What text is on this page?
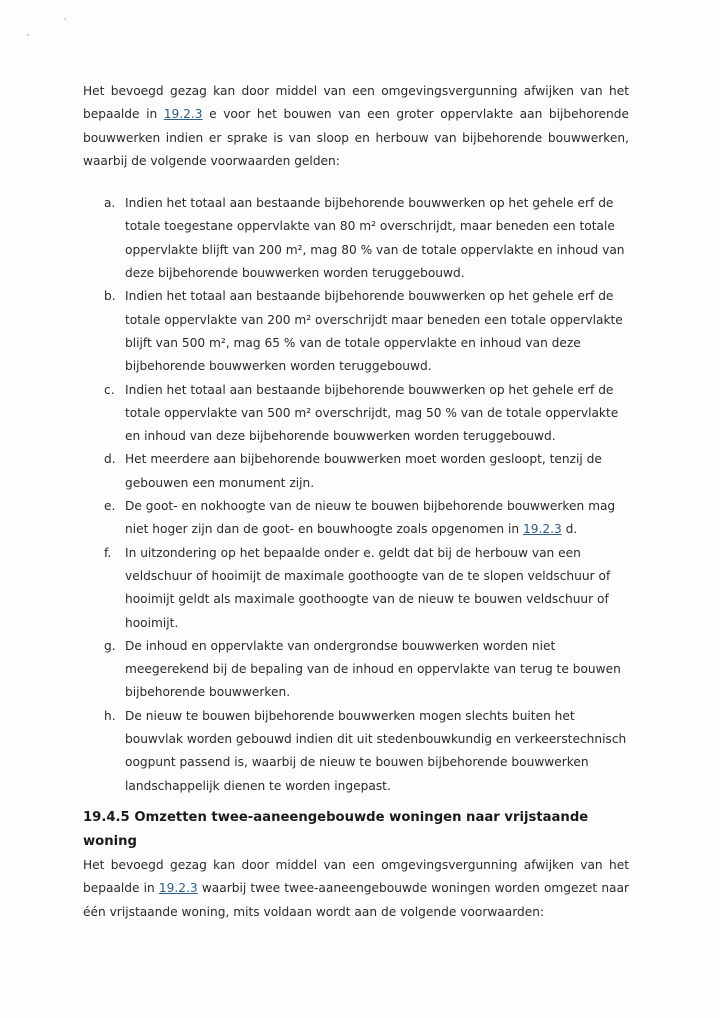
,
'

Het bevoegd gezag kan door middel van een omgevingsvergunning afwijken van het bepaalde in 19.2.3 e voor het bouwen van een groter oppervlakte aan bijbehorende bouwwerken indien er sprake is van sloop en herbouw van bijbehorende bouwwerken, waarbij de volgende voorwaarden gelden:

a. Indien het totaal aan bestaande bijbehorende bouwwerken op het gehele erf de totale toegestane oppervlakte van 80 m² overschrijdt, maar beneden een totale oppervlakte blijft van 200 m², mag 80 % van de totale oppervlakte en inhoud van deze bijbehorende bouwwerken worden teruggebouwd.
b. Indien het totaal aan bestaande bijbehorende bouwwerken op het gehele erf de totale oppervlakte van 200 m² overschrijdt maar beneden een totale oppervlakte blijft van 500 m², mag 65 % van de totale oppervlakte en inhoud van deze bijbehorende bouwwerken worden teruggebouwd.
c. Indien het totaal aan bestaande bijbehorende bouwwerken op het gehele erf de totale oppervlakte van 500 m² overschrijdt, mag 50 % van de totale oppervlakte en inhoud van deze bijbehorende bouwwerken worden teruggebouwd.
d. Het meerdere aan bijbehorende bouwwerken moet worden gesloopt, tenzij de gebouwen een monument zijn.
e. De goot- en nokhoogte van de nieuw te bouwen bijbehorende bouwwerken mag niet hoger zijn dan de goot- en bouwhoogte zoals opgenomen in 19.2.3 d.
f. In uitzondering op het bepaalde onder e. geldt dat bij de herbouw van een veldschuur of hooimijt de maximale goothoogte van de te slopen veldschuur of hooimijt geldt als maximale goothoogte van de nieuw te bouwen veldschuur of hooimijt.
g. De inhoud en oppervlakte van ondergrondse bouwwerken worden niet meegerekend bij de bepaling van de inhoud en oppervlakte van terug te bouwen bijbehorende bouwwerken.
h. De nieuw te bouwen bijbehorende bouwwerken mogen slechts buiten het bouwvlak worden gebouwd indien dit uit stedenbouwkundig en verkeerstechnisch oogpunt passend is, waarbij de nieuw te bouwen bijbehorende bouwwerken landschappelijk dienen te worden ingepast.
19.4.5 Omzetten twee-aaneengebouwde woningen naar vrijstaande woning

Het bevoegd gezag kan door middel van een omgevingsvergunning afwijken van het bepaalde in 19.2.3 waarbij twee twee-aaneengebouwde woningen worden omgezet naar één vrijstaande woning, mits voldaan wordt aan de volgende voorwaarden:
